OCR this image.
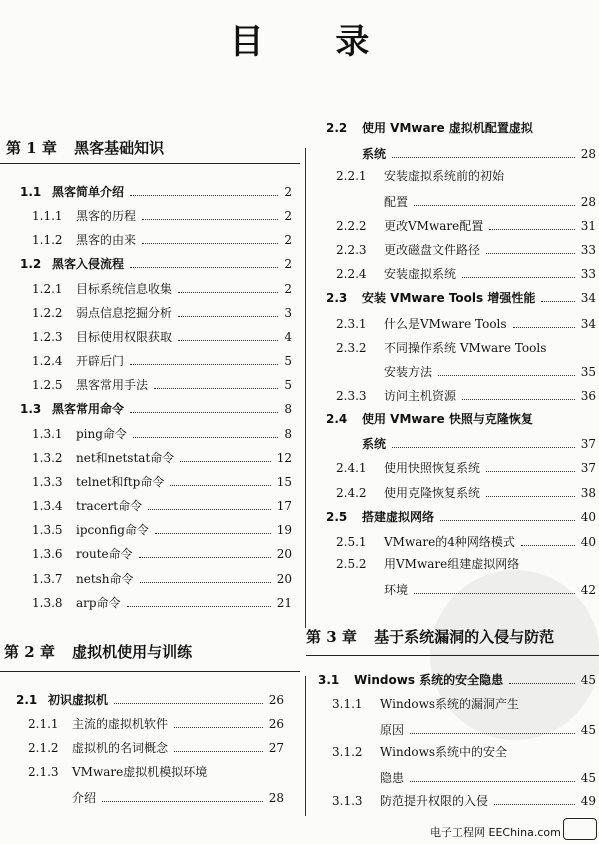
目 录
第 1 章 黑客基础知识
1.1 黑客简单介绍	2
1.1.1 黑客的历程	2
1.1.2 黑客的由来	2
1.2 黑客入侵流程	2
1.2.1 目标系统信息收集	2
1.2.2 弱点信息挖掘分析	3
1.2.3 目标使用权限获取	4
1.2.4 开辟后门	5
1.2.5 黑客常用手法	5
1.3 黑客常用命令	8
1.3.1 ping命令	8
1.3.2 net和netstat命令	12
1.3.3 telnet和ftp命令	15
1.3.4 tracert命令	17
1.3.5 ipconfig命令	19
1.3.6 route命令	20
1.3.7 netsh命令	20
1.3.8 arp命令	21
第 2 章 虚拟机使用与训练
2.1 初识虚拟机	26
2.1.1 主流的虚拟机软件	26
2.1.2 虚拟机的名词概念	27
2.1.3 VMware虚拟机模拟环境
介绍	28
2.2 使用 VMware 虚拟机配置虚拟
系统	28
2.2.1 安装虚拟系统前的初始
配置	28
2.2.2 更改VMware配置	31
2.2.3 更改磁盘文件路径	33
2.2.4 安装虚拟系统	33
2.3 安装 VMware Tools 增强性能	34
2.3.1 什么是VMware Tools	34
2.3.2 不同操作系统 VMware Tools
安装方法	35
2.3.3 访问主机资源	36
2.4 使用 VMware 快照与克隆恢复
系统	37
2.4.1 使用快照恢复系统	37
2.4.2 使用克隆恢复系统	38
2.5 搭建虚拟网络	40
2.5.1 VMware的4种网络模式	40
2.5.2 用VMware组建虚拟网络
环境	42
第 3 章 基于系统漏洞的入侵与防范
3.1 Windows 系统的安全隐患	45
3.1.1 Windows系统的漏洞产生
原因	45
3.1.2 Windows系统中的安全
隐患	45
3.1.3 防范提升权限的入侵	49
电子工程网 EEChina.com
